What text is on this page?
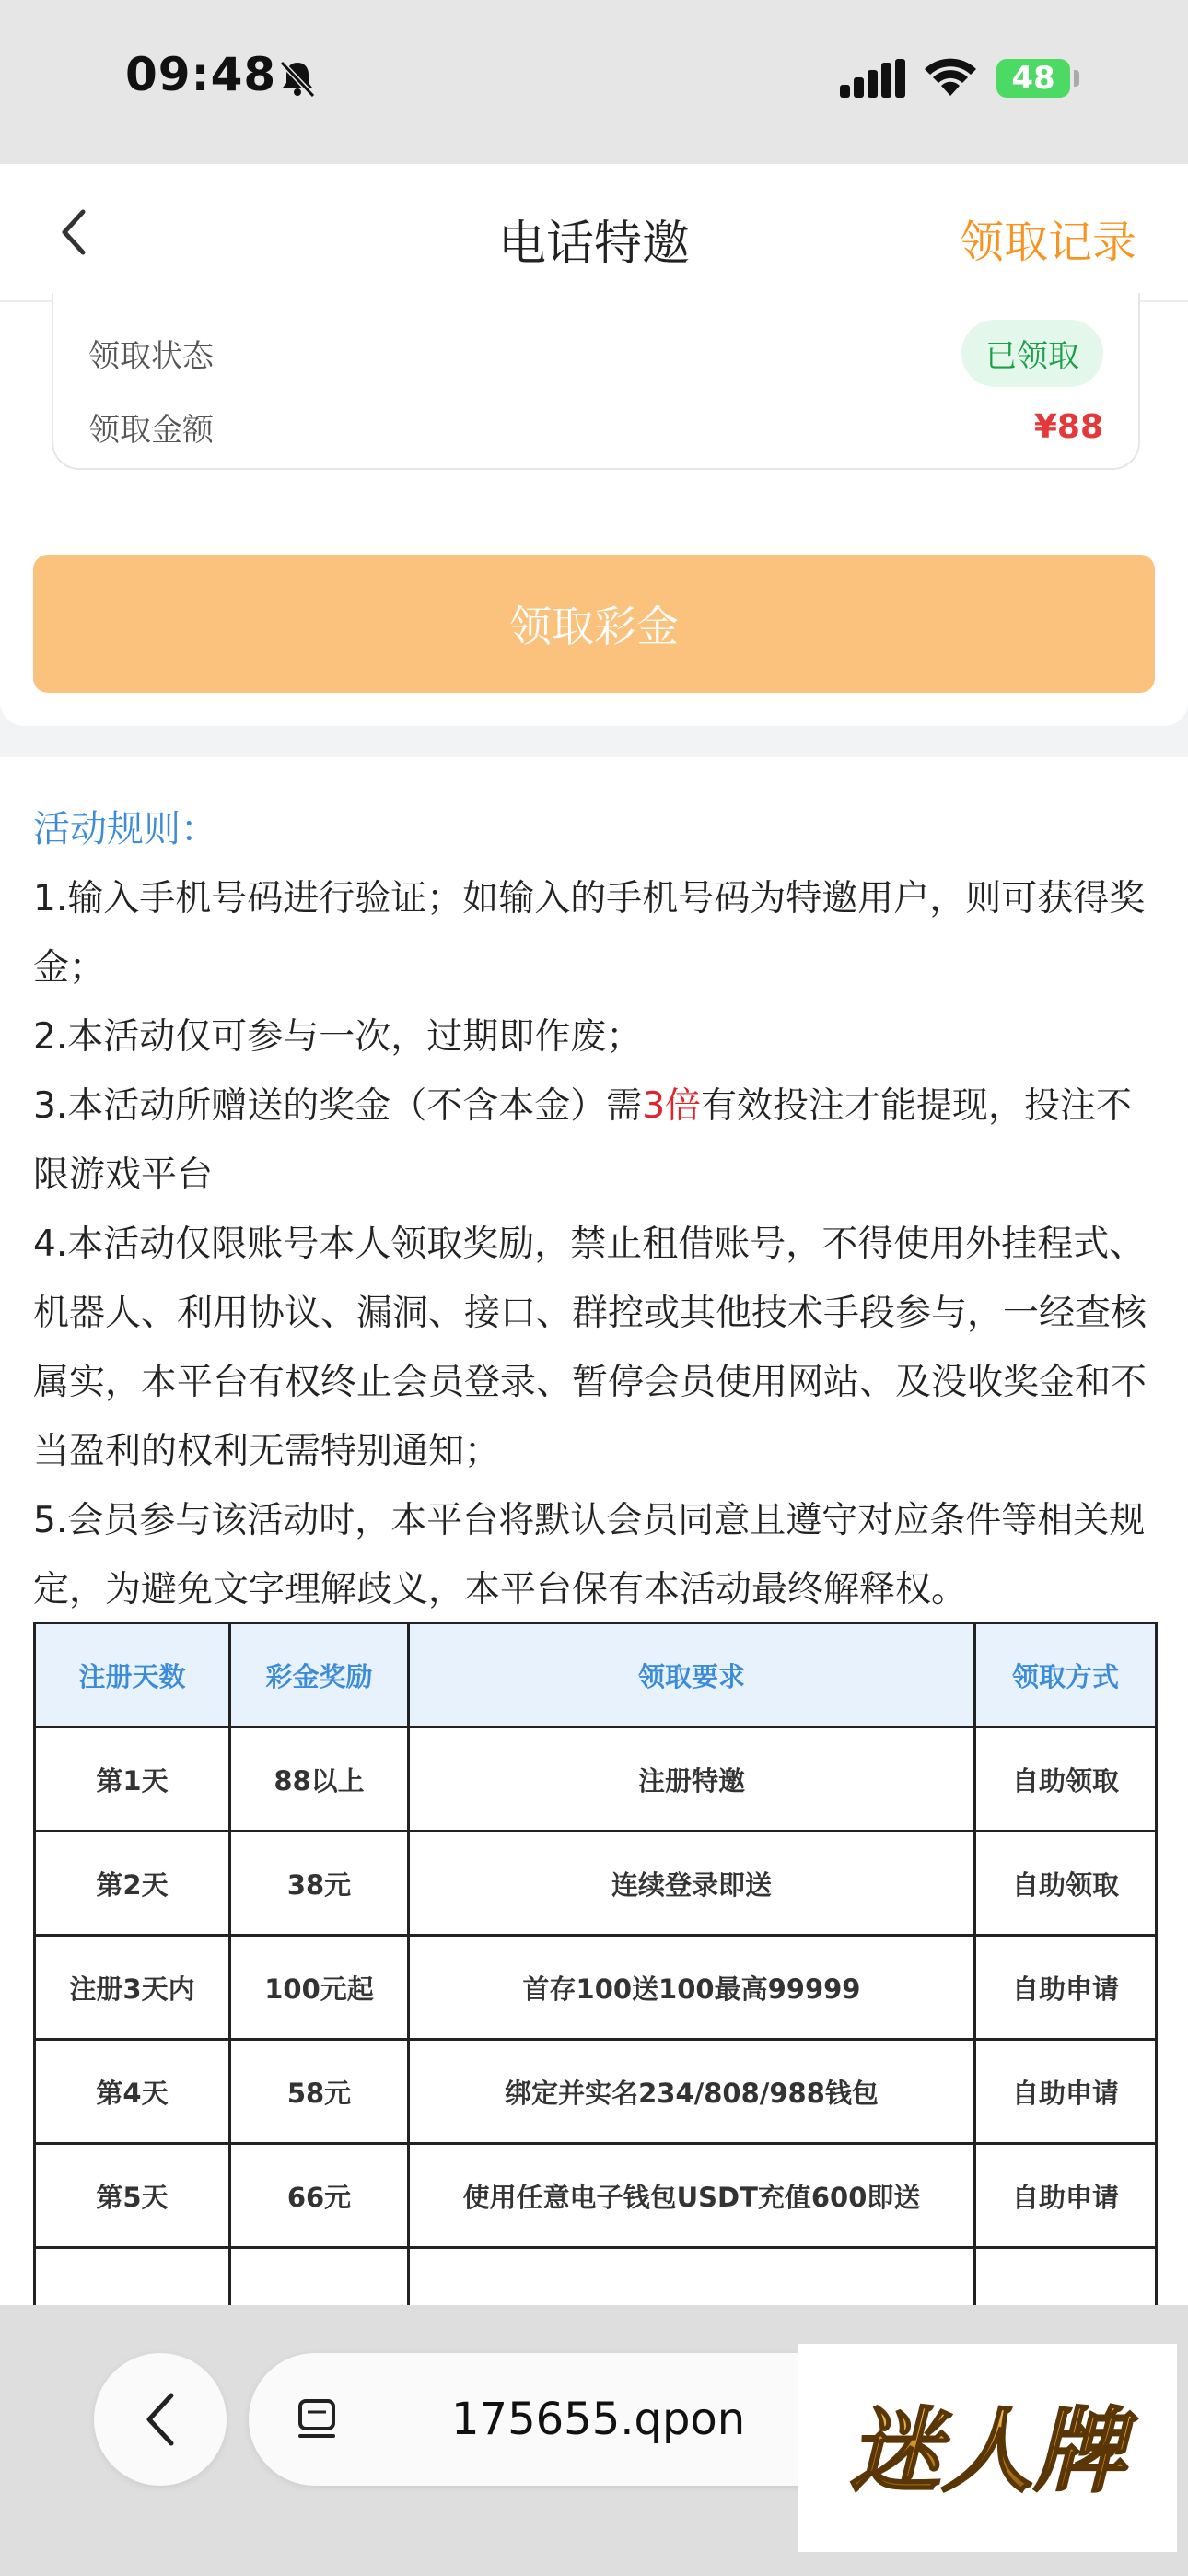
09:48	48
电话特邀	领取记录
领取状态	已领取
领取金额	¥88
领取彩金
活动规则：
1.输入手机号码进行验证；如输入的手机号码为特邀用户，则可获得奖金；
2.本活动仅可参与一次，过期即作废；
3.本活动所赠送的奖金（不含本金）需3倍有效投注才能提现，投注不限游戏平台
4.本活动仅限账号本人领取奖励，禁止租借账号，不得使用外挂程式、机器人、利用协议、漏洞、接口、群控或其他技术手段参与，一经查核属实，本平台有权终止会员登录、暂停会员使用网站、及没收奖金和不当盈利的权利无需特别通知；
5.会员参与该活动时，本平台将默认会员同意且遵守对应条件等相关规定，为避免文字理解歧义，本平台保有本活动最终解释权。
注册天数	彩金奖励	领取要求	领取方式
第1天	88以上	注册特邀	自助领取
第2天	38元	连续登录即送	自助领取
注册3天内	100元起	首存100送100最高99999	自助申请
第4天	58元	绑定并实名234/808/988钱包	自助申请
第5天	66元	使用任意电子钱包USDT充值600即送	自助申请

175655.qpon 迷人牌
